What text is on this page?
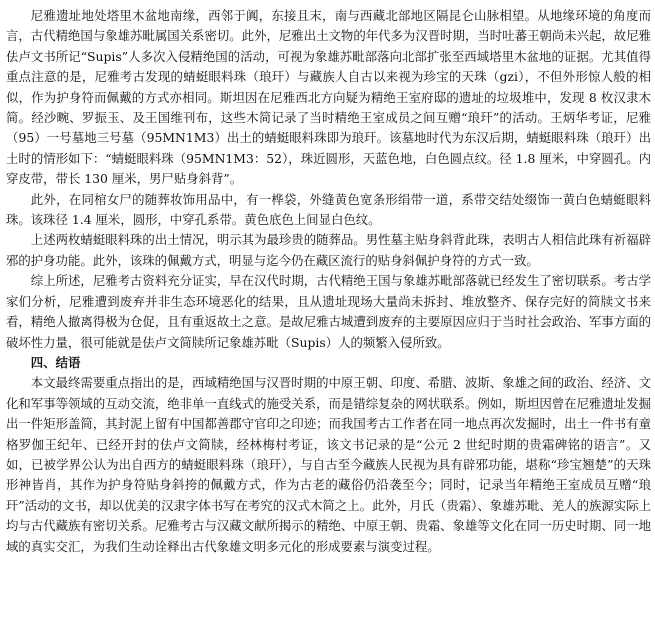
尼雅遗址地处塔里木盆地南缘，西邻于阗，东接且末，南与西藏北部地区隔昆仑山脉相望。从地缘环境的角度而言，古代精绝国与象雄苏毗属国关系密切。此外，尼雅出土文物的年代多为汉晋时期，当时吐蕃王朝尚未兴起，故尼雅佉卢文书所记“Supis”人多次入侵精绝国的活动，可视为象雄苏毗部落向北部扩张至西域塔里木盆地的证据。尤其值得重点注意的是，尼雅考古发现的蜻蜓眼料珠（琅玕）与藏族人自古以来视为珍宝的天珠（gzi），不但外形惊人般的相似，作为护身符而佩戴的方式亦相同。斯坦因在尼雅西北方向疑为精绝王室府邸的遗址的垃圾堆中，发现 8 枚汉隶木简。经沙畹、罗振玉、及王国维刊布，这些木简记录了当时精绝王室成员之间互赠“琅玕”的活动。王炳华考证，尼雅（95）一号墓地三号墓（95MN1M3）出土的蜻蜓眼料珠即为琅玕。该墓地时代为东汉后期，蜻蜓眼料珠（琅玕）出土时的情形如下：“蜻蜓眼料珠（95MN1M3：52），珠近圆形，天蓝色地，白色圆点纹。径 1.8 厘米，中穿圆孔。内穿皮带，带长 130 厘米，男尸贴身斜背”。

此外，在同棺女尸的随葬妆饰用品中，有一桦袋，外缝黄色宽条形绢带一道，系带交结处缀饰一黄白色蜻蜓眼料珠。该珠径 1.4 厘米，圆形，中穿孔系带。黄色底色上间显白色纹。

上述两枚蜻蜓眼料珠的出土情况，明示其为最珍贵的随葬品。男性墓主贴身斜背此珠，表明古人相信此珠有祈福辟邪的护身功能。此外，该珠的佩戴方式，明显与迄今仍在藏区流行的贴身斜佩护身符的方式一致。

综上所述，尼雅考古资料充分证实，早在汉代时期，古代精绝王国与象雄苏毗部落就已经发生了密切联系。考古学家们分析，尼雅遭到废弃并非生态环境恶化的结果，且从遗址现场大量尚未拆封、堆放整齐、保存完好的简牍文书来看，精绝人撤离得极为仓促，且有重返故土之意。是故尼雅古城遭到废弃的主要原因应归于当时社会政治、军事方面的破坏性力量，很可能就是佉卢文简牍所记象雄苏毗（Supis）人的频繁入侵所致。

四、结语

本文最终需要重点指出的是，西域精绝国与汉晋时期的中原王朝、印度、希腊、波斯、象雄之间的政治、经济、文化和军事等领域的互动交流，绝非单一直线式的施受关系，而是错综复杂的网状联系。例如，斯坦因曾在尼雅遗址发掘出一件矩形盖简，其封泥上留有中国都善郡守官印之印迹；而我国考古工作者在同一地点再次发掘时，出土一件书有童格罗伽王纪年、已经开封的佉卢文简牍，经林梅村考证，该文书记录的是“公元 2 世纪时期的贵霜碑铭的语言”。又如，已被学界公认为出自西方的蜻蜓眼料珠（琅玕），与自古至今藏族人民视为具有辟邪功能，堪称“珍宝翘楚”的天珠形神皆肖，其作为护身符贴身斜挎的佩戴方式，作为古老的藏俗仍沿袭至今；同时，记录当年精绝王室成员互赠“琅玕”活动的文书，却以优美的汉隶字体书写在考究的汉式木简之上。此外，月氏（贵霜）、象雄苏毗、羌人的族源实际上均与古代藏族有密切关系。尼雅考古与汉藏文献所揭示的精绝、中原王朝、贵霜、象雄等文化在同一历史时期、同一地域的真实交汇，为我们生动诠释出古代象雄文明多元化的形成要素与演变过程。
